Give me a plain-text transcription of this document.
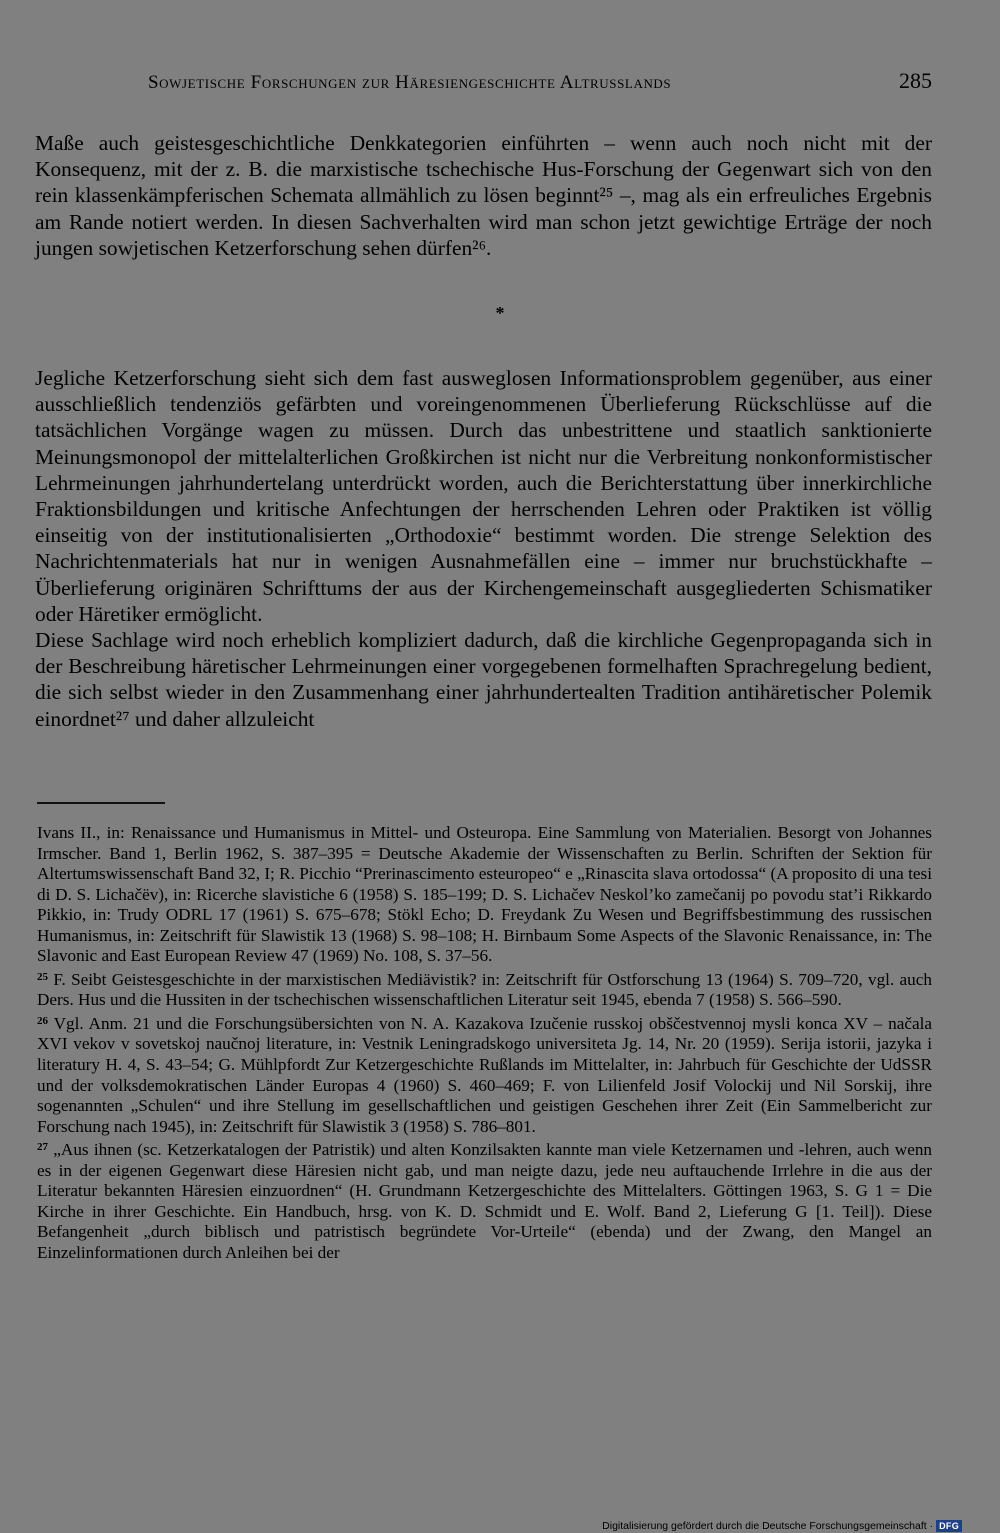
Sowjetische Forschungen zur Häresiengeschichte Altrusslands	285

Maße auch geistesgeschichtliche Denkkategorien einführten – wenn auch noch nicht mit der Konsequenz, mit der z. B. die marxistische tschechische Hus-Forschung der Gegenwart sich von den rein klassenkämpferischen Schemata allmählich zu lösen beginnt²⁵ –, mag als ein erfreuliches Ergebnis am Rande notiert werden. In diesen Sachverhalten wird man schon jetzt gewichtige Erträge der noch jungen sowjetischen Ketzerforschung sehen dürfen²⁶.

*

Jegliche Ketzerforschung sieht sich dem fast ausweglosen Informationsproblem gegenüber, aus einer ausschließlich tendenziös gefärbten und voreingenommenen Überlieferung Rückschlüsse auf die tatsächlichen Vorgänge wagen zu müssen. Durch das unbestrittene und staatlich sanktionierte Meinungsmonopol der mittelalterlichen Großkirchen ist nicht nur die Verbreitung nonkonformistischer Lehrmeinungen jahrhundertelang unterdrückt worden, auch die Berichterstattung über innerkirchliche Fraktionsbildungen und kritische Anfechtungen der herrschenden Lehren oder Praktiken ist völlig einseitig von der institutionalisierten „Orthodoxie“ bestimmt worden. Die strenge Selektion des Nachrichtenmaterials hat nur in wenigen Ausnahmefällen eine – immer nur bruchstückhafte – Überlieferung originären Schrifttums der aus der Kirchengemeinschaft ausgegliederten Schismatiker oder Häretiker ermöglicht.

Diese Sachlage wird noch erheblich kompliziert dadurch, daß die kirchliche Gegenpropaganda sich in der Beschreibung häretischer Lehrmeinungen einer vorgegebenen formelhaften Sprachregelung bedient, die sich selbst wieder in den Zusammenhang einer jahrhundertealten Tradition antihäretischer Polemik einordnet²⁷ und daher allzuleicht

Ivans II., in: Renaissance und Humanismus in Mittel- und Osteuropa. Eine Sammlung von Materialien. Besorgt von Johannes Irmscher. Band 1, Berlin 1962, S. 387–395 = Deutsche Akademie der Wissenschaften zu Berlin. Schriften der Sektion für Altertumswissenschaft Band 32, I; R. Picchio “Prerinascimento esteuropeo“ e „Rinascita slava ortodossa“ (A proposito di una tesi di D. S. Lichačëv), in: Ricerche slavistiche 6 (1958) S. 185–199; D. S. Lichačev Neskol’ko zamečanij po povodu stat’i Rikkardo Pikkio, in: Trudy ODRL 17 (1961) S. 675–678; Stökl Echo; D. Freydank Zu Wesen und Begriffsbestimmung des russischen Humanismus, in: Zeitschrift für Slawistik 13 (1968) S. 98–108; H. Birnbaum Some Aspects of the Slavonic Renaissance, in: The Slavonic and East European Review 47 (1969) No. 108, S. 37–56.

$^{25}$ F. Seibt Geistesgeschichte in der marxistischen Mediävistik? in: Zeitschrift für Ostforschung 13 (1964) S. 709–720, vgl. auch Ders. Hus und die Hussiten in der tschechischen wissenschaftlichen Literatur seit 1945, ebenda 7 (1958) S. 566–590.

$^{26}$ Vgl. Anm. 21 und die Forschungsübersichten von N. A. Kazakova Izučenie russkoj obščestvennoj mysli konca XV – načala XVI vekov v sovetskoj naučnoj literature, in: Vestnik Leningradskogo universiteta Jg. 14, Nr. 20 (1959). Serija istorii, jazyka i literatury H. 4, S. 43–54; G. Mühlpfordt Zur Ketzergeschichte Rußlands im Mittelalter, in: Jahrbuch für Geschichte der UdSSR und der volksdemokratischen Länder Europas 4 (1960) S. 460–469; F. von Lilienfeld Josif Volockij und Nil Sorskij, ihre sogenannten „Schulen“ und ihre Stellung im gesellschaftlichen und geistigen Geschehen ihrer Zeit (Ein Sammelbericht zur Forschung nach 1945), in: Zeitschrift für Slawistik 3 (1958) S. 786–801.

$^{27}$ „Aus ihnen (sc. Ketzerkatalogen der Patristik) und alten Konzilsakten kannte man viele Ketzernamen und -lehren, auch wenn es in der eigenen Gegenwart diese Häresien nicht gab, und man neigte dazu, jede neu auftauchende Irrlehre in die aus der Literatur bekannten Häresien einzuordnen“ (H. Grundmann Ketzergeschichte des Mittelalters. Göttingen 1963, S. G 1 = Die Kirche in ihrer Geschichte. Ein Handbuch, hrsg. von K. D. Schmidt und E. Wolf. Band 2, Lieferung G [1. Teil]). Diese Befangenheit „durch biblisch und patristisch begründete Vor-Urteile“ (ebenda) und der Zwang, den Mangel an Einzelinformationen durch Anleihen bei der

Digitalisierung gefördert durch die Deutsche Forschungsgemeinschaft · DFG
